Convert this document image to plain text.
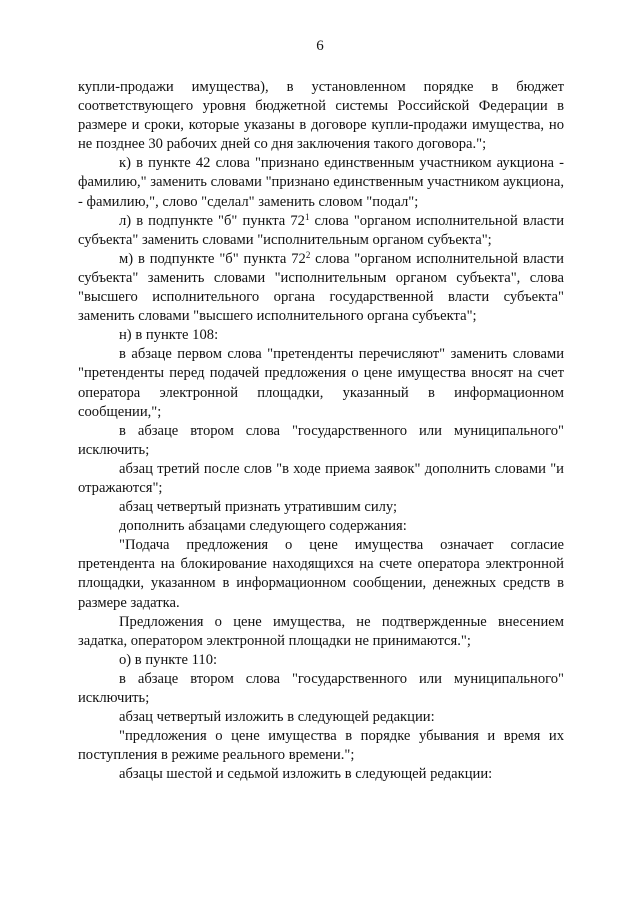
6

купли-продажи имущества), в установленном порядке в бюджет соответствующего уровня бюджетной системы Российской Федерации в размере и сроки, которые указаны в договоре купли-продажи имущества, но не позднее 30 рабочих дней со дня заключения такого договора.";

к) в пункте 42 слова "признано единственным участником аукциона - фамилию," заменить словами "признано единственным участником аукциона, - фамилию,", слово "сделал" заменить словом "подал";

л) в подпункте "б" пункта $72^1$ слова "органом исполнительной власти субъекта" заменить словами "исполнительным органом субъекта";

м) в подпункте "б" пункта $72^2$ слова "органом исполнительной власти субъекта" заменить словами "исполнительным органом субъекта", слова "высшего исполнительного органа государственной власти субъекта" заменить словами "высшего исполнительного органа субъекта";

н) в пункте 108:

в абзаце первом слова "претенденты перечисляют" заменить словами "претенденты перед подачей предложения о цене имущества вносят на счет оператора электронной площадки, указанный в информационном сообщении,";

в абзаце втором слова "государственного или муниципального" исключить;

абзац третий после слов "в ходе приема заявок" дополнить словами "и отражаются";

абзац четвертый признать утратившим силу;

дополнить абзацами следующего содержания:

"Подача предложения о цене имущества означает согласие претендента на блокирование находящихся на счете оператора электронной площадки, указанном в информационном сообщении, денежных средств в размере задатка.

Предложения о цене имущества, не подтвержденные внесением задатка, оператором электронной площадки не принимаются.";

о) в пункте 110:

в абзаце втором слова "государственного или муниципального" исключить;

абзац четвертый изложить в следующей редакции:

"предложения о цене имущества в порядке убывания и время их поступления в режиме реального времени.";

абзацы шестой и седьмой изложить в следующей редакции:
